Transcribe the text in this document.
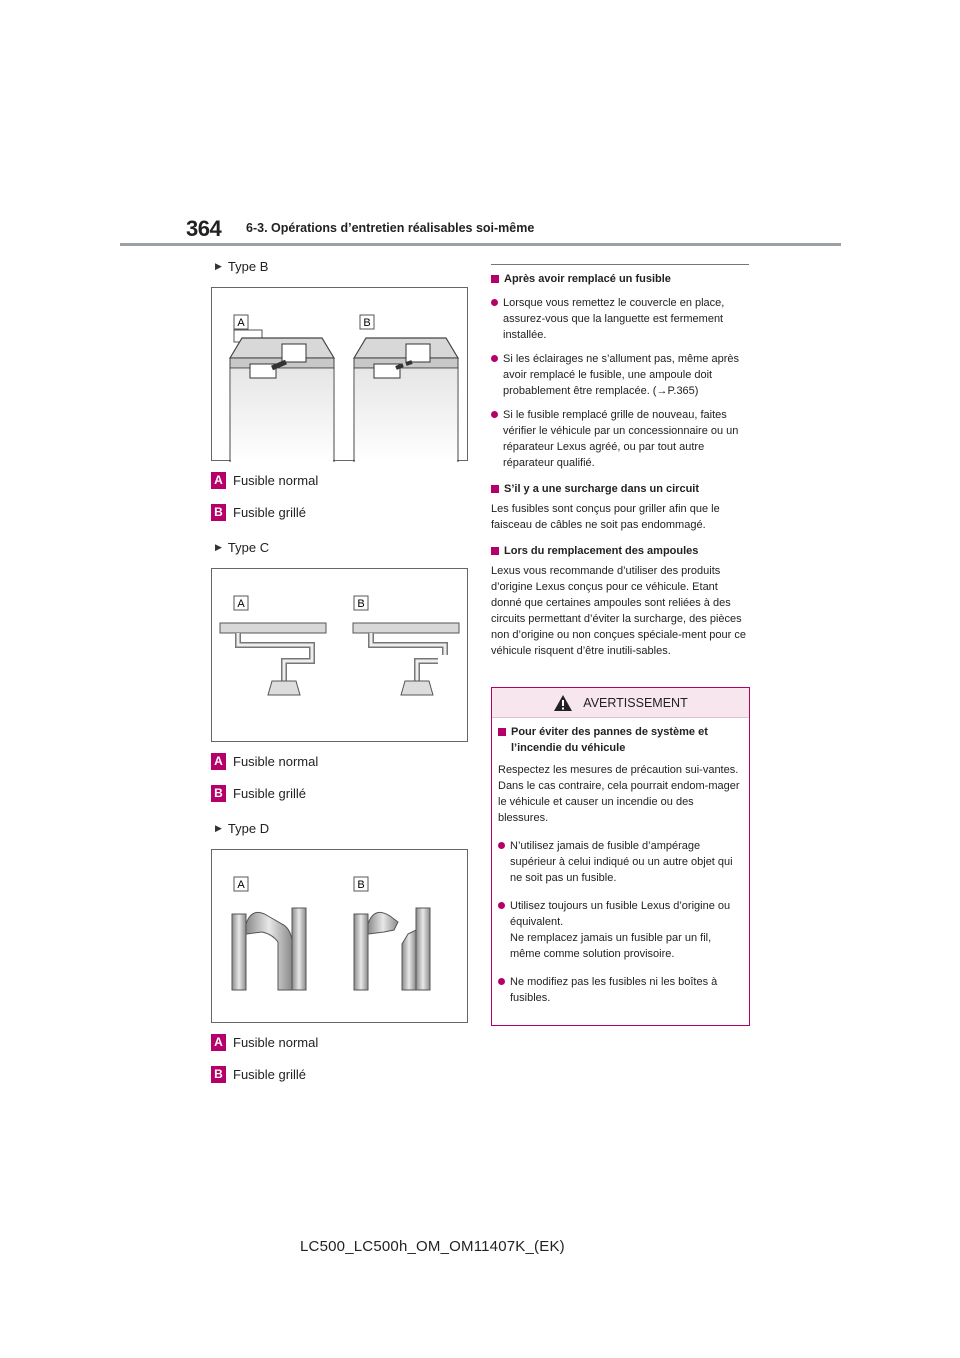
364 6-3. Opérations d’entretien réalisables soi-même
▶ Type B
A	B
A Fusible normal
B Fusible grillé
▶ Type C
A	B
A Fusible normal
B Fusible grillé
▶ Type D
A	B
A Fusible normal
B Fusible grillé
Après avoir remplacé un fusible
Lorsque vous remettez le couvercle en place, assurez-vous que la languette est fermement installée.
Si les éclairages ne s’allument pas, même après avoir remplacé le fusible, une ampoule doit probablement être remplacée. (→P.365)
Si le fusible remplacé grille de nouveau, faites vérifier le véhicule par un concessionnaire ou un réparateur Lexus agréé, ou par tout autre réparateur qualifié.
S’il y a une surcharge dans un circuit
Les fusibles sont conçus pour griller afin que le faisceau de câbles ne soit pas endommagé.
Lors du remplacement des ampoules
Lexus vous recommande d’utiliser des produits d’origine Lexus conçus pour ce véhicule. Etant donné que certaines ampoules sont reliées à des circuits permettant d’éviter la surcharge, des pièces non d’origine ou non conçues spéciale-ment pour ce véhicule risquent d’être inutili-sables.
AVERTISSEMENT
Pour éviter des pannes de système et l’incendie du véhicule
Respectez les mesures de précaution sui-vantes.
Dans le cas contraire, cela pourrait endom-mager le véhicule et causer un incendie ou des blessures.
N’utilisez jamais de fusible d’ampérage supérieur à celui indiqué ou un autre objet qui ne soit pas un fusible.
Utilisez toujours un fusible Lexus d’origine ou équivalent.
Ne remplacez jamais un fusible par un fil, même comme solution provisoire.
Ne modifiez pas les fusibles ni les boîtes à fusibles.
LC500_LC500h_OM_OM11407K_(EK)
